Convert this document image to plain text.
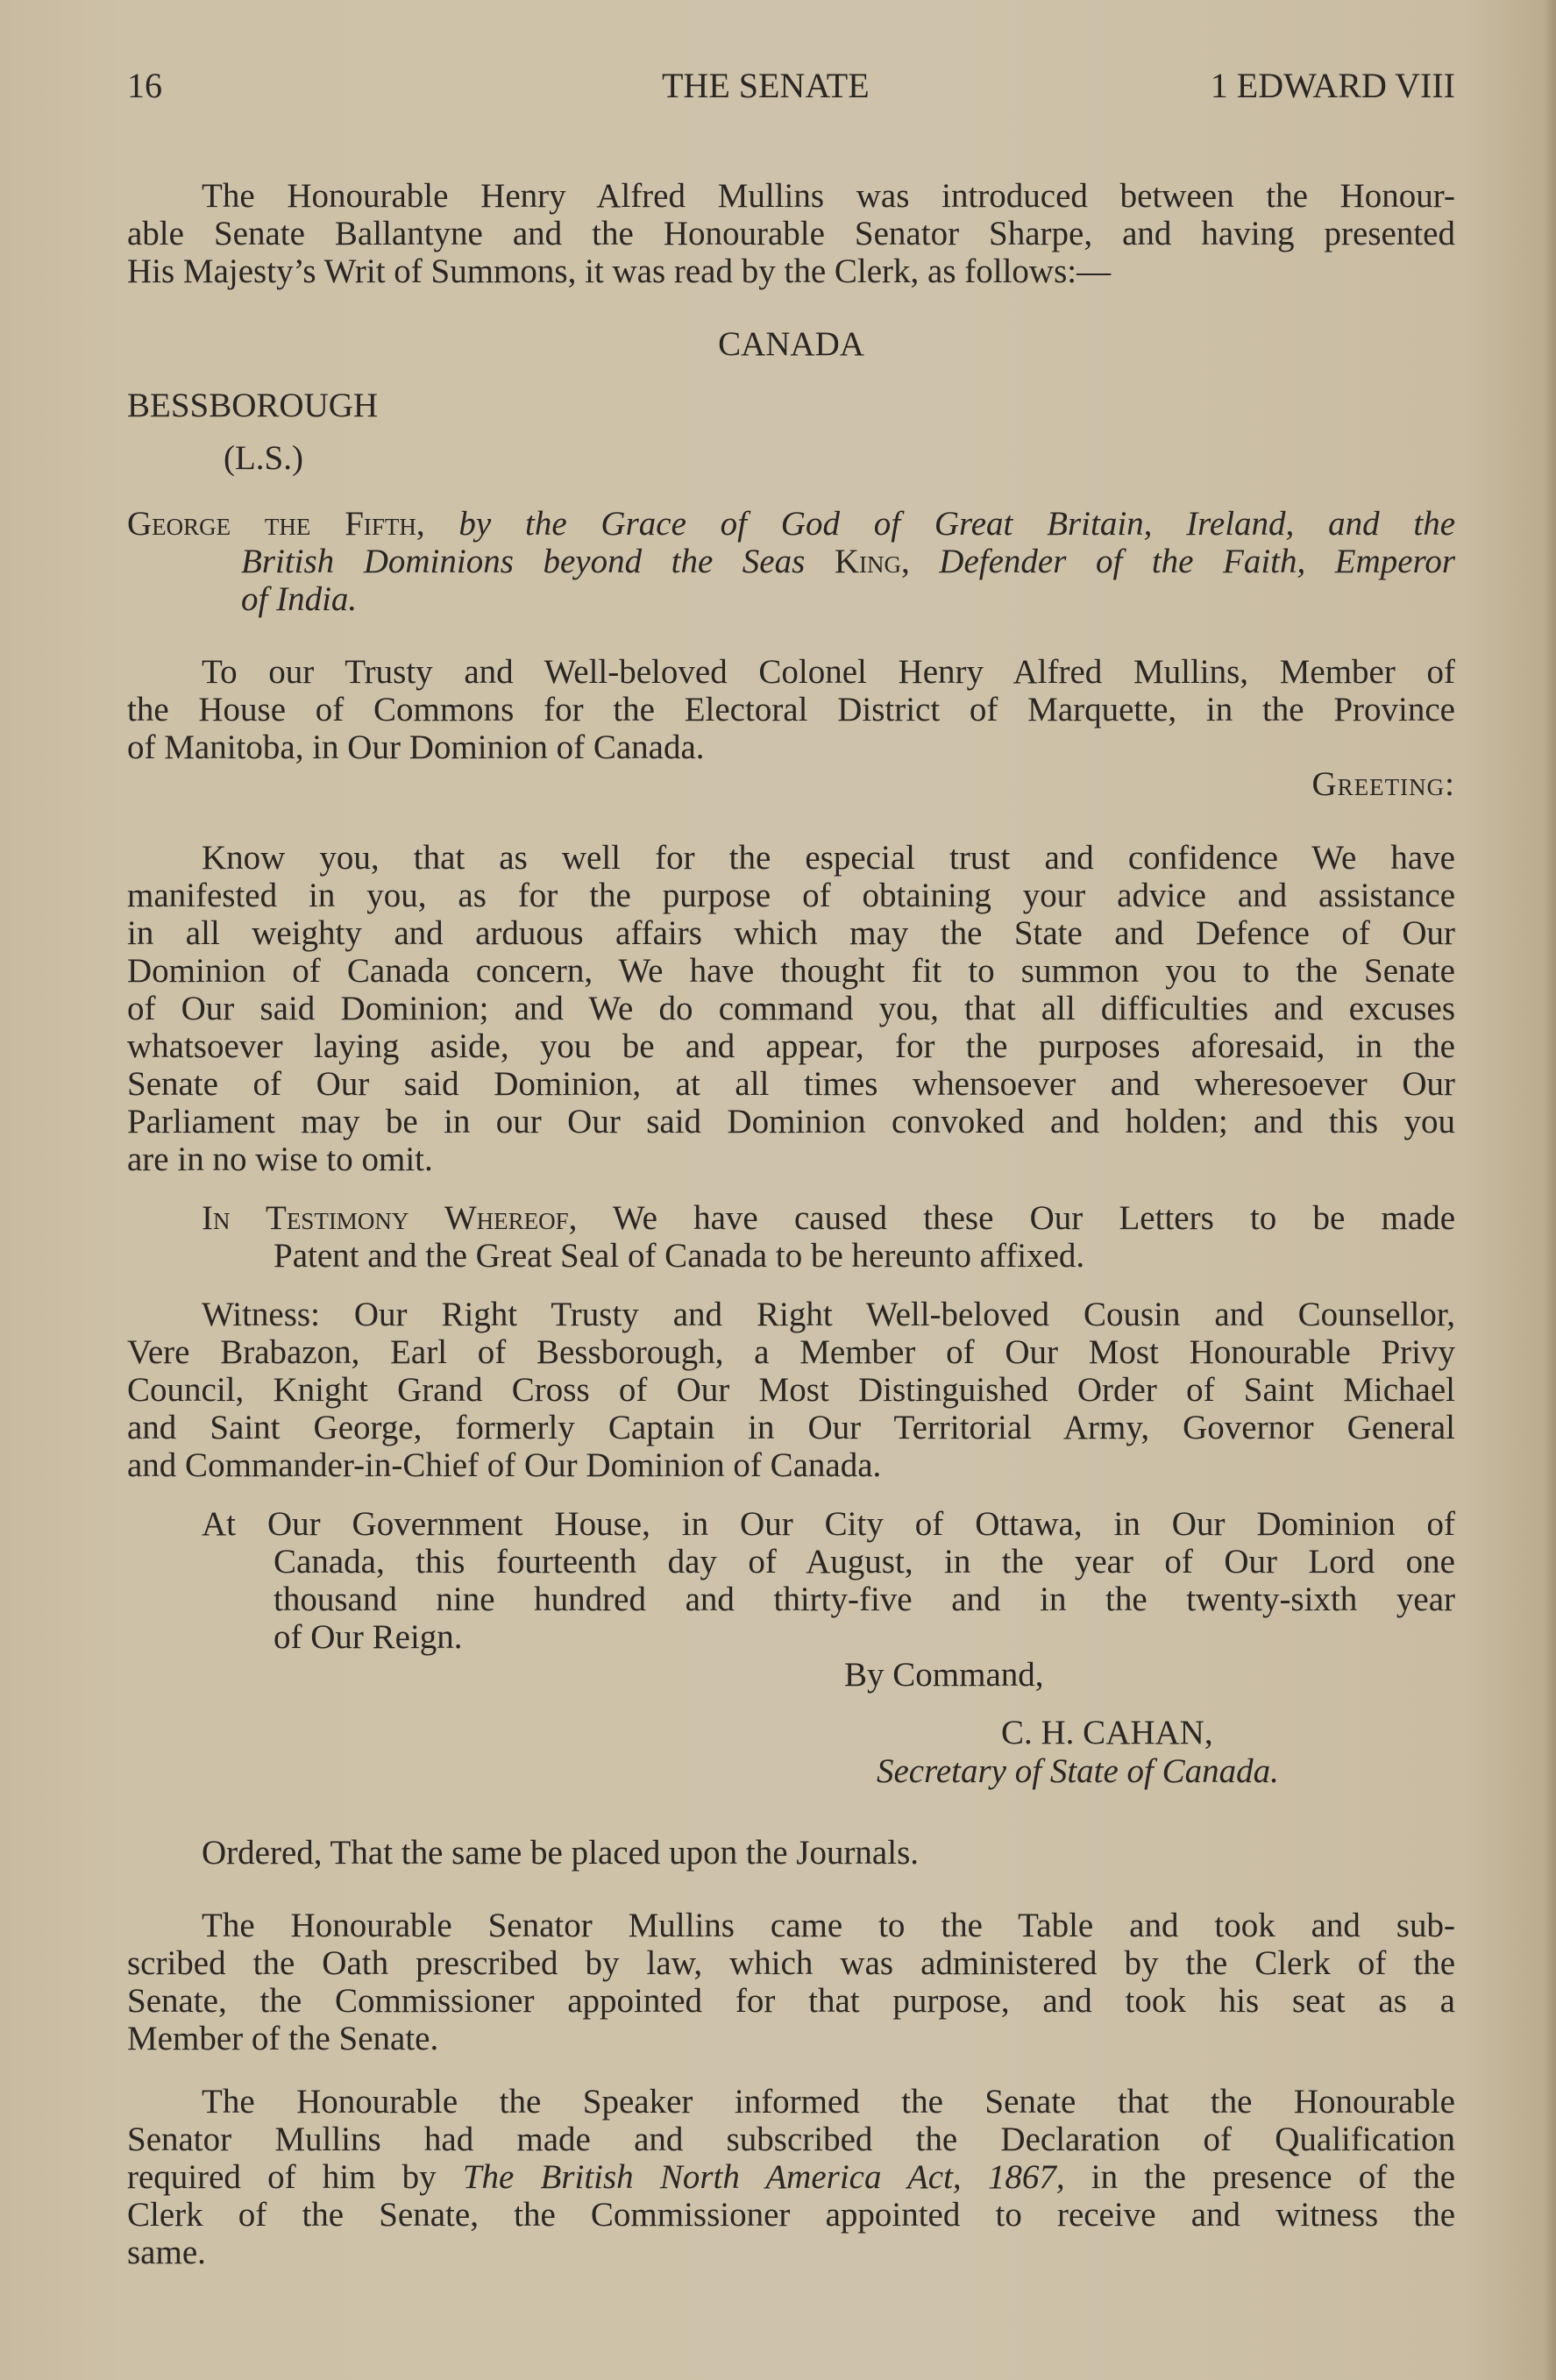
16	THE SENATE	1 EDWARD VIII
The Honourable Henry Alfred Mullins was introduced between the Honour-
able Senate Ballantyne and the Honourable Senator Sharpe, and having presented
His Majesty’s Writ of Summons, it was read by the Clerk, as follows:—
CANADA
BESSBOROUGH
(L.S.)
George the Fifth, by the Grace of God of Great Britain, Ireland, and the
British Dominions beyond the Seas King, Defender of the Faith, Emperor
of India.
To our Trusty and Well-beloved Colonel Henry Alfred Mullins, Member of
the House of Commons for the Electoral District of Marquette, in the Province
of Manitoba, in Our Dominion of Canada.
Greeting:
Know you, that as well for the especial trust and confidence We have
manifested in you, as for the purpose of obtaining your advice and assistance
in all weighty and arduous affairs which may the State and Defence of Our
Dominion of Canada concern, We have thought fit to summon you to the Senate
of Our said Dominion; and We do command you, that all difficulties and excuses
whatsoever laying aside, you be and appear, for the purposes aforesaid, in the
Senate of Our said Dominion, at all times whensoever and wheresoever Our
Parliament may be in our Our said Dominion convoked and holden; and this you
are in no wise to omit.
In Testimony Whereof, We have caused these Our Letters to be made
Patent and the Great Seal of Canada to be hereunto affixed.
Witness: Our Right Trusty and Right Well-beloved Cousin and Counsellor,
Vere Brabazon, Earl of Bessborough, a Member of Our Most Honourable Privy
Council, Knight Grand Cross of Our Most Distinguished Order of Saint Michael
and Saint George, formerly Captain in Our Territorial Army, Governor General
and Commander-in-Chief of Our Dominion of Canada.
At Our Government House, in Our City of Ottawa, in Our Dominion of
Canada, this fourteenth day of August, in the year of Our Lord one
thousand nine hundred and thirty-five and in the twenty-sixth year
of Our Reign.
By Command,
C. H. CAHAN,
Secretary of State of Canada.
Ordered, That the same be placed upon the Journals.
The Honourable Senator Mullins came to the Table and took and sub-
scribed the Oath prescribed by law, which was administered by the Clerk of the
Senate, the Commissioner appointed for that purpose, and took his seat as a
Member of the Senate.
The Honourable the Speaker informed the Senate that the Honourable
Senator Mullins had made and subscribed the Declaration of Qualification
required of him by The British North America Act, 1867, in the presence of the
Clerk of the Senate, the Commissioner appointed to receive and witness the
same.
